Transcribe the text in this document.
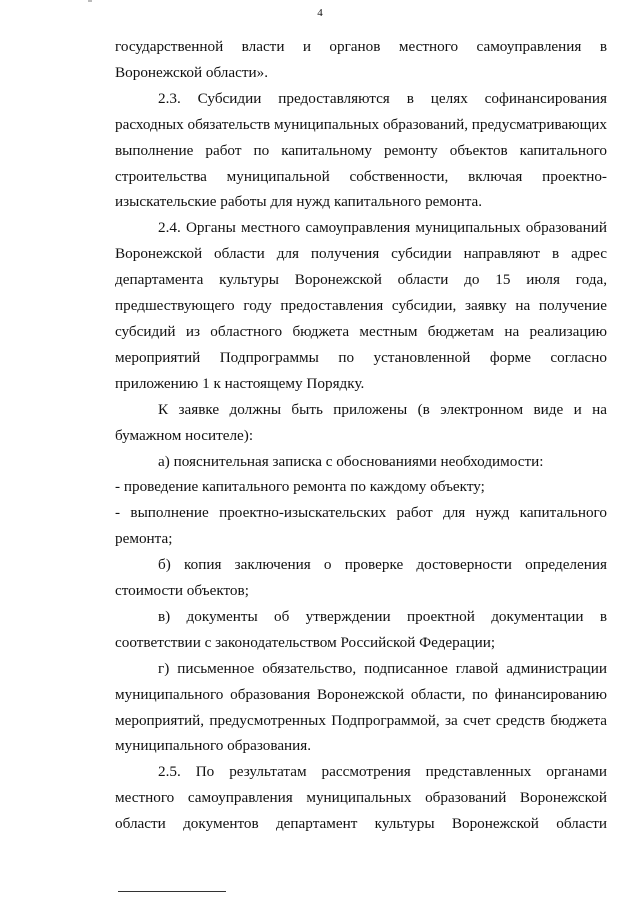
4

государственной власти и органов местного самоуправления в Воронежской области».

2.3. Субсидии предоставляются в целях софинансирования расходных обязательств муниципальных образований, предусматривающих выполнение работ по капитальному ремонту объектов капитального строительства муниципальной собственности, включая проектно-изыскательские работы для нужд капитального ремонта.

2.4. Органы местного самоуправления муниципальных образований Воронежской области для получения субсидии направляют в адрес департамента культуры Воронежской области до 15 июля года, предшествующего году предоставления субсидии, заявку на получение субсидий из областного бюджета местным бюджетам на реализацию мероприятий Подпрограммы по установленной форме согласно приложению 1 к настоящему Порядку.

К заявке должны быть приложены (в электронном виде и на бумажном носителе):

а) пояснительная записка с обоснованиями необходимости:

- проведение капитального ремонта по каждому объекту;

- выполнение проектно-изыскательских работ для нужд капитального ремонта;

б) копия заключения о проверке достоверности определения стоимости объектов;

в) документы об утверждении проектной документации в соответствии с законодательством Российской Федерации;

г) письменное обязательство, подписанное главой администрации муниципального образования Воронежской области, по финансированию мероприятий, предусмотренных Подпрограммой, за счет средств бюджета муниципального образования.

2.5. По результатам рассмотрения представленных органами местного самоуправления муниципальных образований Воронежской области документов департамент культуры Воронежской области
